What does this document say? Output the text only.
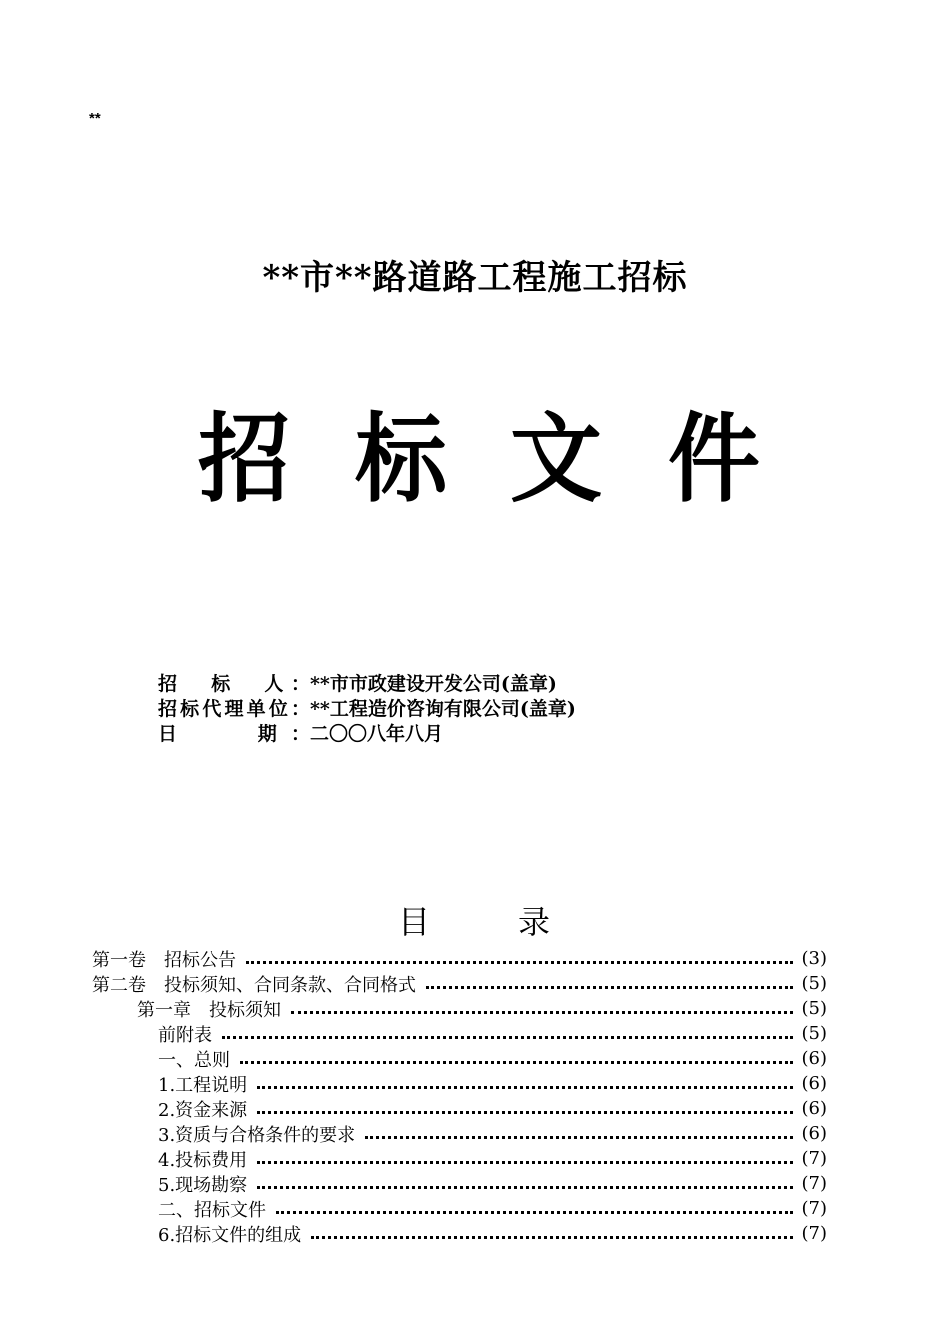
**
**市**路道路工程施工招标
招 标 文 件
招　标　人：**市市政建设开发公司(盖章)
招标代理单位：**工程造价咨询有限公司(盖章)
日　　期：二〇〇八年八月
目	录
第一卷　招标公告	(3)
第二卷　投标须知、合同条款、合同格式	(5)
第一章　投标须知	(5)
前附表	(5)
一、总则	(6)
1.工程说明	(6)
2.资金来源	(6)
3.资质与合格条件的要求	(6)
4.投标费用	(7)
5.现场勘察	(7)
二、招标文件	(7)
6.招标文件的组成	(7)
